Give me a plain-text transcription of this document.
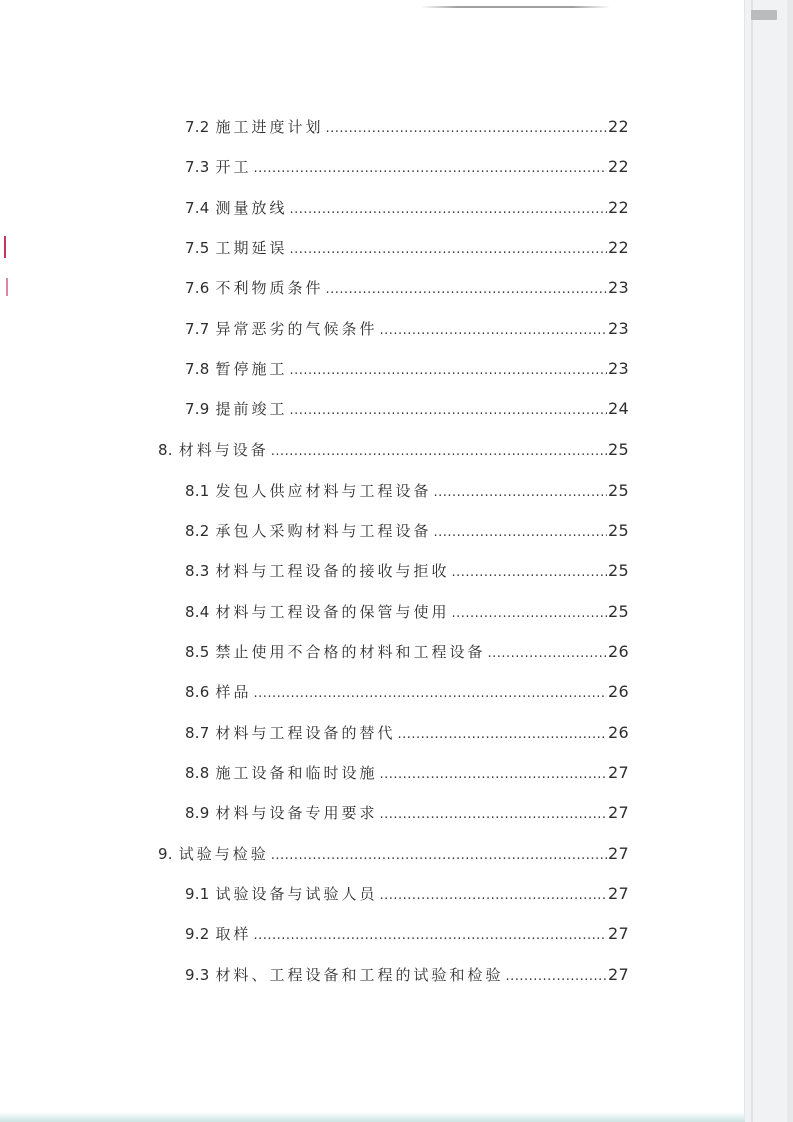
7.2 施工进度计划 .....	22
7.3 开工 .....	22
7.4 测量放线 .....	22
7.5 工期延误 .....	22
7.6 不利物质条件 .....	23
7.7 异常恶劣的气候条件 .....	23
7.8 暂停施工 .....	23
7.9 提前竣工 .....	24
8. 材料与设备 .....	25
8.1 发包人供应材料与工程设备 .....	25
8.2 承包人采购材料与工程设备 .....	25
8.3 材料与工程设备的接收与拒收 .....	25
8.4 材料与工程设备的保管与使用 .....	25
8.5 禁止使用不合格的材料和工程设备 .....	26
8.6 样品 .....	26
8.7 材料与工程设备的替代 .....	26
8.8 施工设备和临时设施 .....	27
8.9 材料与设备专用要求 .....	27
9. 试验与检验 .....	27
9.1 试验设备与试验人员 .....	27
9.2 取样 .....	27
9.3 材料、工程设备和工程的试验和检验 .....	27
